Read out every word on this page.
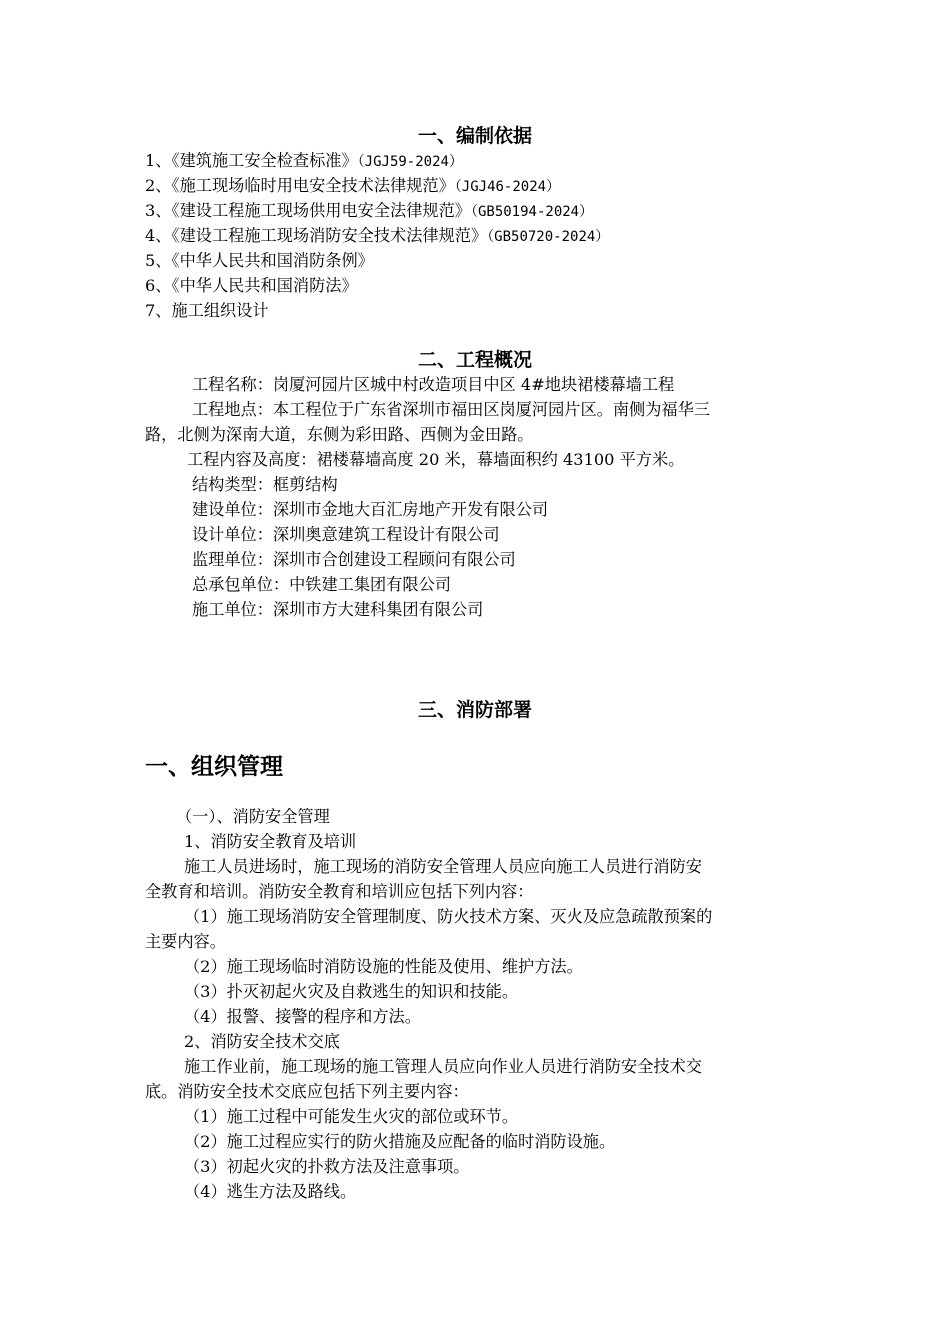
一、编制依据
1、《建筑施工安全检查标准》（JGJ59-2024）
2、《施工现场临时用电安全技术法律规范》（JGJ46-2024）
3、《建设工程施工现场供用电安全法律规范》（GB50194-2024）
4、《建设工程施工现场消防安全技术法律规范》（GB50720-2024）
5、《中华人民共和国消防条例》
6、《中华人民共和国消防法》
7、施工组织设计
二、工程概况
工程名称：岗厦河园片区城中村改造项目中区 4#地块裙楼幕墙工程
工程地点：本工程位于广东省深圳市福田区岗厦河园片区。南侧为福华三
路，北侧为深南大道，东侧为彩田路、西侧为金田路。
工程内容及高度：裙楼幕墙高度 20 米，幕墙面积约 43100 平方米。
结构类型：框剪结构
建设单位：深圳市金地大百汇房地产开发有限公司
设计单位：深圳奥意建筑工程设计有限公司
监理单位：深圳市合创建设工程顾问有限公司
总承包单位：中铁建工集团有限公司
施工单位：深圳市方大建科集团有限公司
三、消防部署
一、组织管理
（一）、消防安全管理
1、消防安全教育及培训
施工人员进场时，施工现场的消防安全管理人员应向施工人员进行消防安
全教育和培训。消防安全教育和培训应包括下列内容：
（1）施工现场消防安全管理制度、防火技术方案、灭火及应急疏散预案的
主要内容。
（2）施工现场临时消防设施的性能及使用、维护方法。
（3）扑灭初起火灾及自救逃生的知识和技能。
（4）报警、接警的程序和方法。
2、消防安全技术交底
施工作业前，施工现场的施工管理人员应向作业人员进行消防安全技术交
底。消防安全技术交底应包括下列主要内容：
（1）施工过程中可能发生火灾的部位或环节。
（2）施工过程应实行的防火措施及应配备的临时消防设施。
（3）初起火灾的扑救方法及注意事项。
（4）逃生方法及路线。
